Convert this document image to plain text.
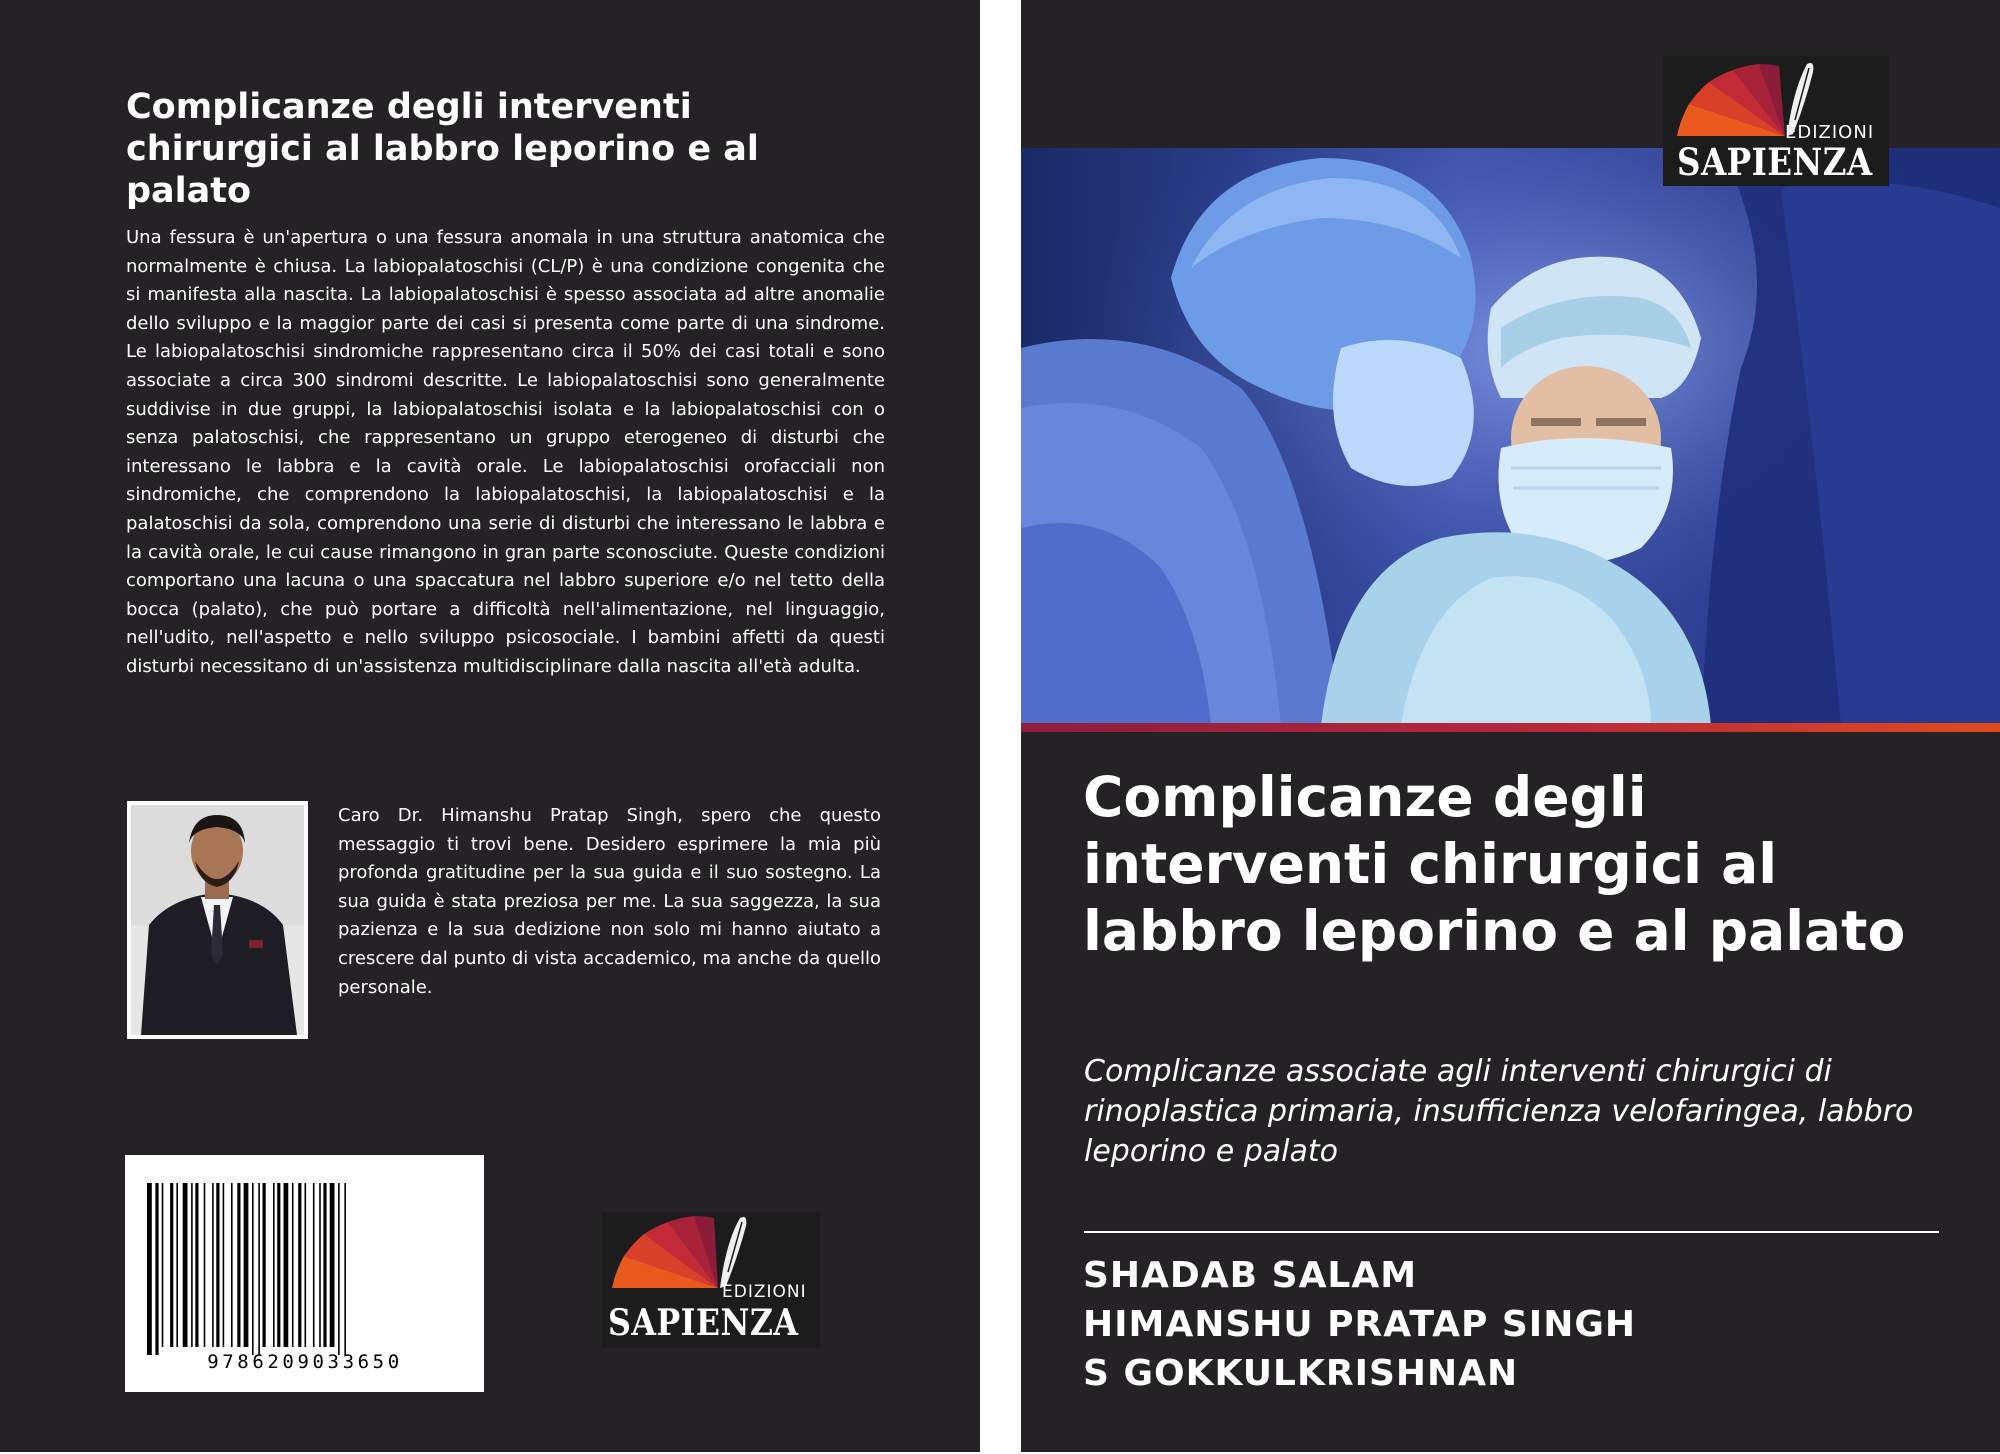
Complicanze degli interventi chirurgici al labbro leporino e al palato

Una fessura è un'apertura o una fessura anomala in una struttura anatomica che normalmente è chiusa. La labiopalatoschisi (CL/P) è una condizione congenita che si manifesta alla nascita. La labiopalatoschisi è spesso associata ad altre anomalie dello sviluppo e la maggior parte dei casi si presenta come parte di una sindrome. Le labiopalatoschisi sindromiche rappresentano circa il 50% dei casi totali e sono associate a circa 300 sindromi descritte. Le labiopalatoschisi sono generalmente suddivise in due gruppi, la labiopalatoschisi isolata e la labiopalatoschisi con o senza palatoschisi, che rappresentano un gruppo eterogeneo di disturbi che interessano le labbra e la cavità orale. Le labiopalatoschisi orofacciali non sindromiche, che comprendono la labiopalatoschisi, la labiopalatoschisi e la palatoschisi da sola, comprendono una serie di disturbi che interessano le labbra e la cavità orale, le cui cause rimangono in gran parte sconosciute. Queste condizioni comportano una lacuna o una spaccatura nel labbro superiore e/o nel tetto della bocca (palato), che può portare a difficoltà nell'alimentazione, nel linguaggio, nell'udito, nell'aspetto e nello sviluppo psicosociale. I bambini affetti da questi disturbi necessitano di un'assistenza multidisciplinare dalla nascita all'età adulta.

Caro Dr. Himanshu Pratap Singh, spero che questo messaggio ti trovi bene. Desidero esprimere la mia più profonda gratitudine per la sua guida e il suo sostegno. La sua guida è stata preziosa per me. La sua saggezza, la sua pazienza e la sua dedizione non solo mi hanno aiutato a crescere dal punto di vista accademico, ma anche da quello personale.

9786209033650
EDIZIONI
SAPIENZA
EDIZIONI
SAPIENZA
Complicanze degli interventi chirurgici al labbro leporino e al palato

Complicanze associate agli interventi chirurgici di rinoplastica primaria, insufficienza velofaringea, labbro leporino e palato

SHADAB SALAM
HIMANSHU PRATAP SINGH
S GOKKULKRISHNAN
